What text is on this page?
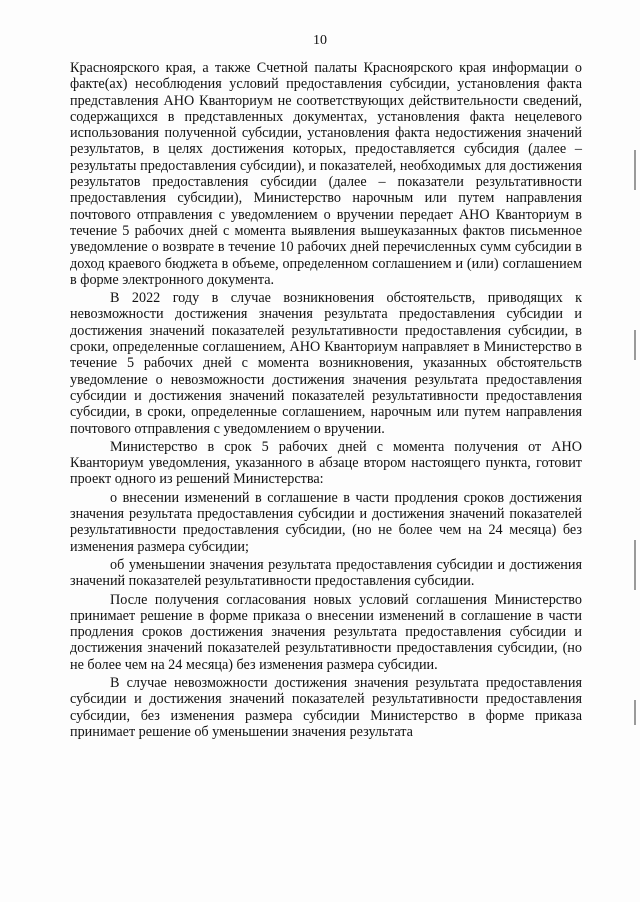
10

Красноярского края, а также Счетной палаты Красноярского края информации о факте(ах) несоблюдения условий предоставления субсидии, установления факта представления АНО Кванториум не соответствующих действительности сведений, содержащихся в представленных документах, установления факта нецелевого использования полученной субсидии, установления факта недостижения значений результатов, в целях достижения которых, предоставляется субсидия (далее – результаты предоставления субсидии), и показателей, необходимых для достижения результатов предоставления субсидии (далее – показатели результативности предоставления субсидии), Министерство нарочным или путем направления почтового отправления с уведомлением о вручении передает АНО Кванториум в течение 5 рабочих дней с момента выявления вышеуказанных фактов письменное уведомление о возврате в течение 10 рабочих дней перечисленных сумм субсидии в доход краевого бюджета в объеме, определенном соглашением и (или) соглашением в форме электронного документа.

В 2022 году в случае возникновения обстоятельств, приводящих к невозможности достижения значения результата предоставления субсидии и достижения значений показателей результативности предоставления субсидии, в сроки, определенные соглашением, АНО Кванториум направляет в Министерство в течение 5 рабочих дней с момента возникновения, указанных обстоятельств уведомление о невозможности достижения значения результата предоставления субсидии и достижения значений показателей результативности предоставления субсидии, в сроки, определенные соглашением, нарочным или путем направления почтового отправления с уведомлением о вручении.

Министерство в срок 5 рабочих дней с момента получения от АНО Кванториум уведомления, указанного в абзаце втором настоящего пункта, готовит проект одного из решений Министерства:

о внесении изменений в соглашение в части продления сроков достижения значения результата предоставления субсидии и достижения значений показателей результативности предоставления субсидии, (но не более чем на 24 месяца) без изменения размера субсидии;

об уменьшении значения результата предоставления субсидии и достижения значений показателей результативности предоставления субсидии.

После получения согласования новых условий соглашения Министерство принимает решение в форме приказа о внесении изменений в соглашение в части продления сроков достижения значения результата предоставления субсидии и достижения значений показателей результативности предоставления субсидии, (но не более чем на 24 месяца) без изменения размера субсидии.

В случае невозможности достижения значения результата предоставления субсидии и достижения значений показателей результативности предоставления субсидии, без изменения размера субсидии Министерство в форме приказа принимает решение об уменьшении значения результата
